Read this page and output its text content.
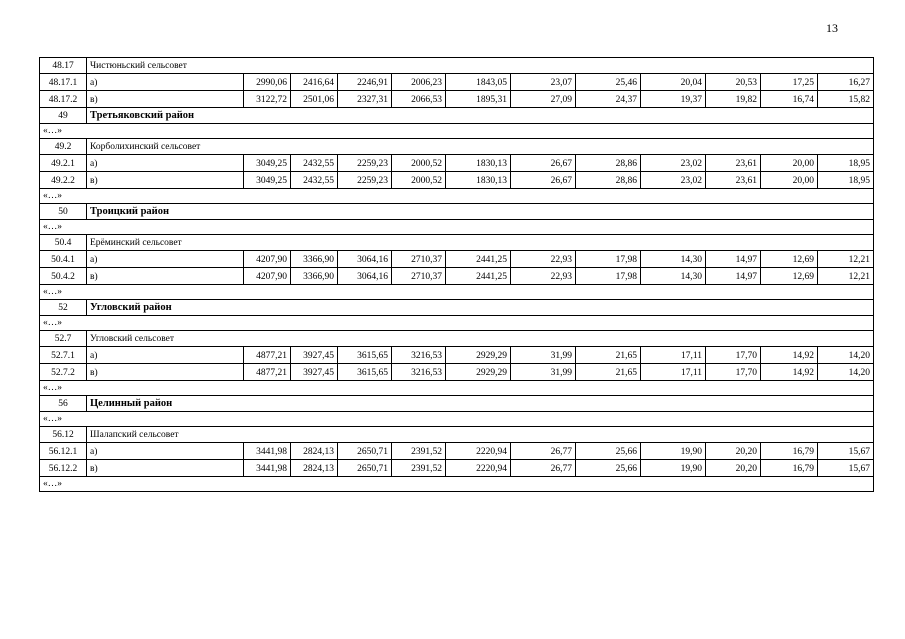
13
48.17	Чистюньский сельсовет											
48.17.1	а)	2990,06	2416,64	2246,91	2006,23	1843,05	23,07	25,46	20,04	20,53	17,25	16,27
48.17.2	в)	3122,72	2501,06	2327,31	2066,53	1895,31	27,09	24,37	19,37	19,82	16,74	15,82
49	Третьяковский район											
«…»												
49.2	Корболихинский сельсовет											
49.2.1	а)	3049,25	2432,55	2259,23	2000,52	1830,13	26,67	28,86	23,02	23,61	20,00	18,95
49.2.2	в)	3049,25	2432,55	2259,23	2000,52	1830,13	26,67	28,86	23,02	23,61	20,00	18,95
«…»												
50	Троицкий район											
«…»												
50.4	Ерёминский сельсовет											
50.4.1	а)	4207,90	3366,90	3064,16	2710,37	2441,25	22,93	17,98	14,30	14,97	12,69	12,21
50.4.2	в)	4207,90	3366,90	3064,16	2710,37	2441,25	22,93	17,98	14,30	14,97	12,69	12,21
«…»												
52	Угловский район											
«…»												
52.7	Угловский сельсовет											
52.7.1	а)	4877,21	3927,45	3615,65	3216,53	2929,29	31,99	21,65	17,11	17,70	14,92	14,20
52.7.2	в)	4877,21	3927,45	3615,65	3216,53	2929,29	31,99	21,65	17,11	17,70	14,92	14,20
«…»												
56	Целинный район											
«…»												
56.12	Шалапский сельсовет											
56.12.1	а)	3441,98	2824,13	2650,71	2391,52	2220,94	26,77	25,66	19,90	20,20	16,79	15,67
56.12.2	в)	3441,98	2824,13	2650,71	2391,52	2220,94	26,77	25,66	19,90	20,20	16,79	15,67
«…»												
